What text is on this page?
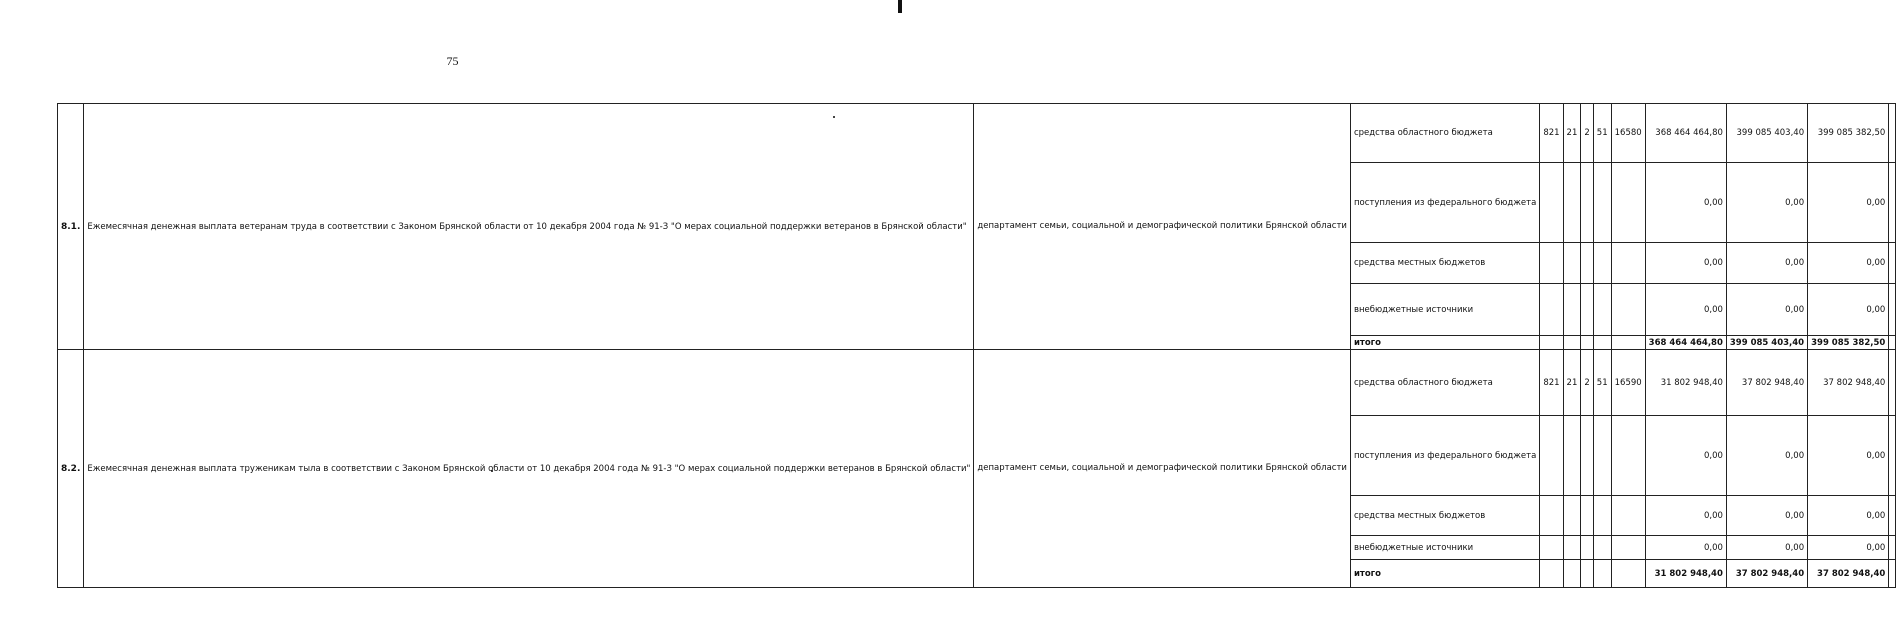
75
8.1.	Ежемесячная денежная выплата ветеранам труда в соответствии с Законом Брянской области от 10 декабря 2004 года № 91-З "О мерах социальной поддержки ветеранов в Брянской области"	департамент семьи, социальной и демографической политики Брянской области	средства областного бюджета	821	21	2	51	16580	368 464 464,80	399 085 403,40	399 085 382,50	
			поступления из федерального бюджета						0,00	0,00	0,00	
			средства местных бюджетов						0,00	0,00	0,00	
			внебюджетные источники						0,00	0,00	0,00	
			итого						368 464 464,80	399 085 403,40	399 085 382,50	
8.2.	Ежемесячная денежная выплата труженикам тыла в соответствии с Законом Брянской области от 10 декабря 2004 года № 91-З "О мерах социальной поддержки ветеранов в Брянской области"	департамент семьи, социальной и демографической политики Брянской области	средства областного бюджета	821	21	2	51	16590	31 802 948,40	37 802 948,40	37 802 948,40	
			поступления из федерального бюджета						0,00	0,00	0,00	
			средства местных бюджетов						0,00	0,00	0,00	
			внебюджетные источники						0,00	0,00	0,00	
			итого						31 802 948,40	37 802 948,40	37 802 948,40	
